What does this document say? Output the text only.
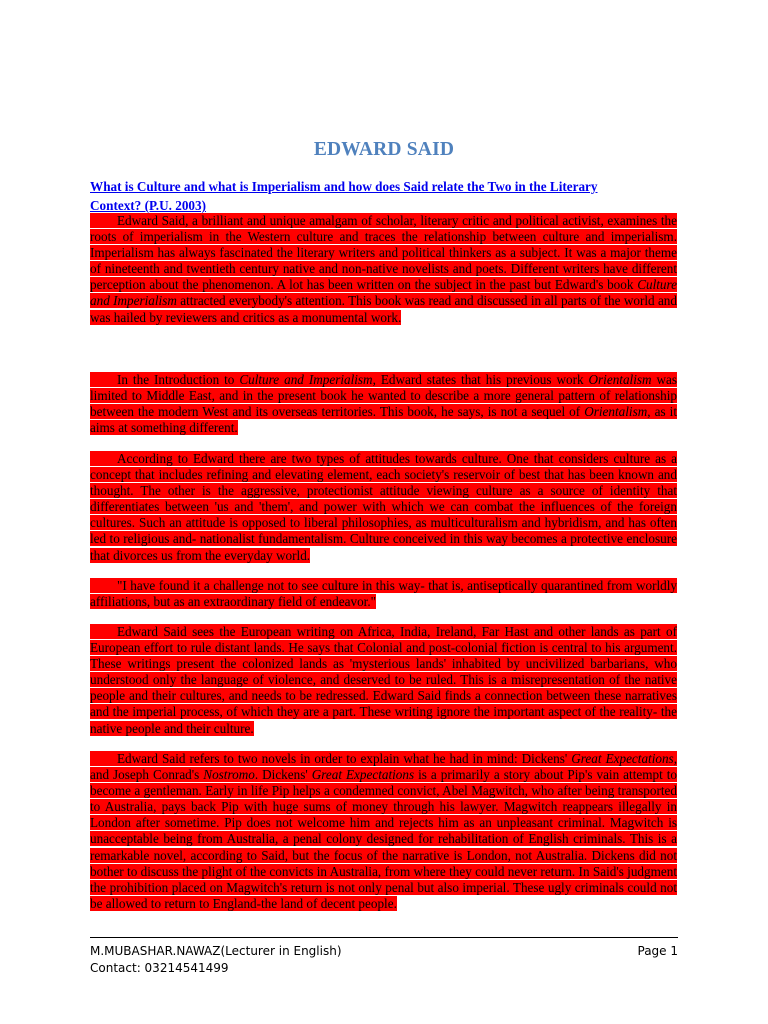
EDWARD SAID
What is Culture and what is Imperialism and how does Said relate the Two in the Literary Context? (P.U. 2003)

Edward Said, a brilliant and unique amalgam of scholar, literary critic and political activist, examines the roots of imperialism in the Western culture and traces the relationship between culture and imperialism. Imperialism has always fascinated the literary writers and political thinkers as a subject. It was a major theme of nineteenth and twentieth century native and non-native novelists and poets. Different writers have different perception about the phenomenon. A lot has been written on the subject in the past but Edward's book Culture and Imperialism attracted everybody's attention. This book was read and discussed in all parts of the world and was hailed by reviewers and critics as a monumental work.

In the Introduction to Culture and Imperialism, Edward states that his previous work Orientalism was limited to Middle East, and in the present book he wanted to describe a more general pattern of relationship between the modern West and its overseas territories. This book, he says, is not a sequel of Orientalism, as it aims at something different.

According to Edward there are two types of attitudes towards culture. One that considers culture as a concept that includes refining and elevating element, each society's reservoir of best that has been known and thought. The other is the aggressive, protectionist attitude viewing culture as a source of identity that differentiates between 'us and 'them', and power with which we can combat the influences of the foreign cultures. Such an attitude is opposed to liberal philosophies, as multiculturalism and hybridism, and has often led to religious and- nationalist fundamentalism. Culture conceived in this way becomes a protective enclosure that divorces us from the everyday world.

"I have found it a challenge not to see culture in this way- that is, antiseptically quarantined from worldly affiliations, but as an extraordinary field of endeavor."

Edward Said sees the European writing on Africa, India, Ireland, Far Hast and other lands as part of European effort to rule distant lands. He says that Colonial and post-colonial fiction is central to his argument. These writings present the colonized lands as 'mysterious lands' inhabited by uncivilized barbarians, who understood only the language of violence, and deserved to be ruled. This is a misrepresentation of the native people and their cultures, and needs to be redressed. Edward Said finds a connection between these narratives and the imperial process, of which they are a part. These writing ignore the important aspect of the reality- the native people and their culture.

Edward Said refers to two novels in order to explain what he had in mind: Dickens' Great Expectations, and Joseph Conrad's Nostromo. Dickens' Great Expectations is a primarily a story about Pip's vain attempt to become a gentleman. Early in life Pip helps a condemned convict, Abel Magwitch, who after being transported to Australia, pays back Pip with huge sums of money through his lawyer. Magwitch reappears illegally in London after sometime. Pip does not welcome him and rejects him as an unpleasant criminal. Magwitch is unacceptable being from Australia, a penal colony designed for rehabilitation of English criminals. This is a remarkable novel, according to Said, but the focus of the narrative is London, not Australia. Dickens did not bother to discuss the plight of the convicts in Australia, from where they could never return. In Said's judgment the prohibition placed on Magwitch's return is not only penal but also imperial. These ugly criminals could not be allowed to return to England-the land of decent people.

M.MUBASHAR.NAWAZ(Lecturer in English)
Contact: 03214541499
Page 1
